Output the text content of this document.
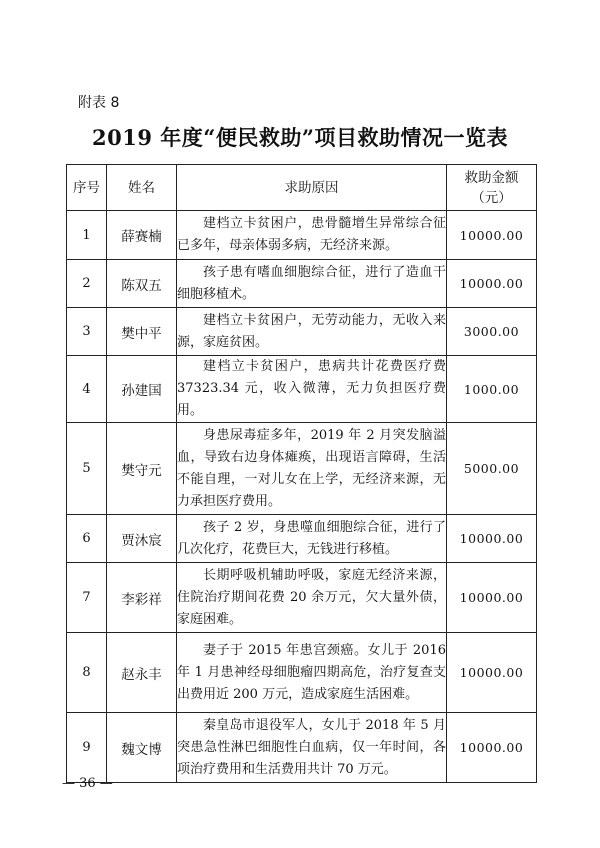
附表 8
2019 年度“便民救助”项目救助情况一览表
序号	姓名	求助原因	救助金额（元）
1	薛赛楠	建档立卡贫困户，患骨髓增生异常综合征已多年，母亲体弱多病，无经济来源。	10000.00
2	陈双五	孩子患有嗜血细胞综合征，进行了造血干细胞移植术。	10000.00
3	樊中平	建档立卡贫困户，无劳动能力，无收入来源，家庭贫困。	3000.00
4	孙建国	建档立卡贫困户，患病共计花费医疗费 37323.34 元，收入微薄，无力负担医疗费用。	1000.00
5	樊守元	身患尿毒症多年，2019 年 2 月突发脑溢血，导致右边身体瘫痪，出现语言障碍，生活不能自理，一对儿女在上学，无经济来源，无力承担医疗费用。	5000.00
6	贾沐宸	孩子 2 岁，身患噬血细胞综合征，进行了几次化疗，花费巨大，无钱进行移植。	10000.00
7	李彩祥	长期呼吸机辅助呼吸，家庭无经济来源，住院治疗期间花费 20 余万元，欠大量外债，家庭困难。	10000.00
8	赵永丰	妻子于 2015 年患宫颈癌。女儿于 2016 年 1 月患神经母细胞瘤四期高危，治疗复查支出费用近 200 万元，造成家庭生活困难。	10000.00
9	魏文博	秦皇岛市退役军人，女儿于 2018 年 5 月突患急性淋巴细胞性白血病，仅一年时间，各项治疗费用和生活费用共计 70 万元。	10000.00
— 36 —
